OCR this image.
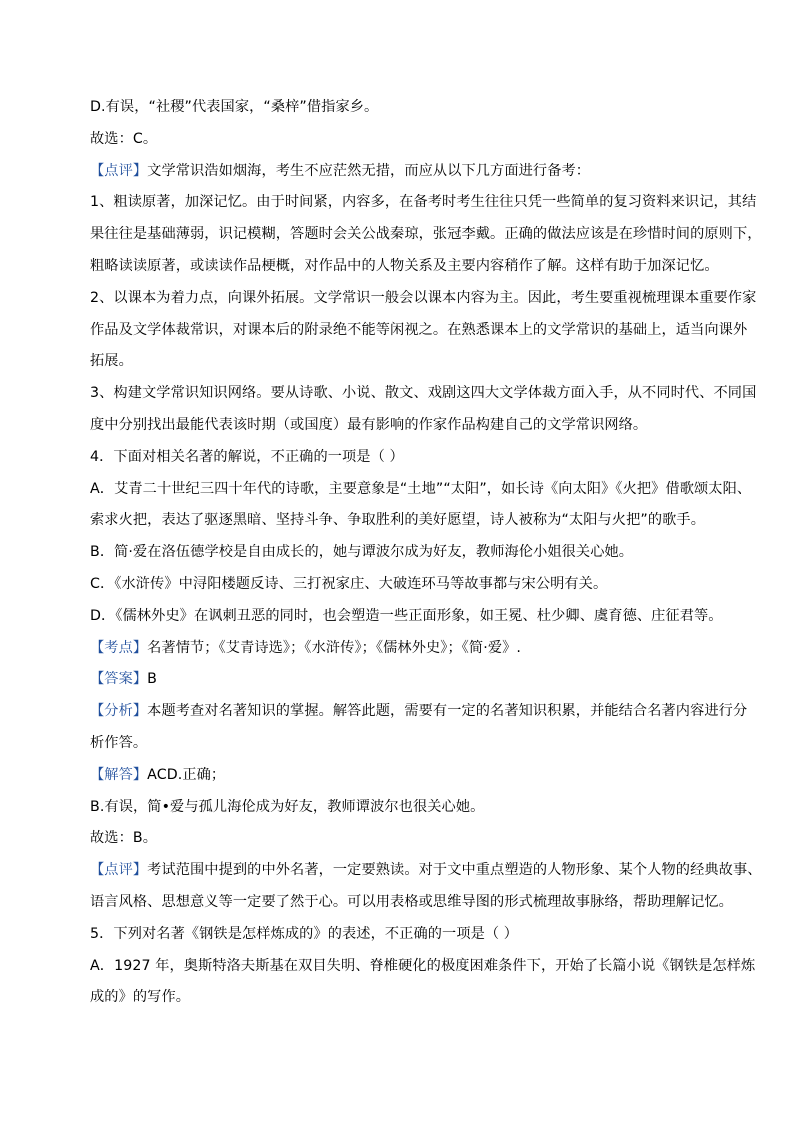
D.有误，“社稷”代表国家，“桑梓”借指家乡。
故选：C。
【点评】文学常识浩如烟海，考生不应茫然无措，而应从以下几方面进行备考：
1、粗读原著，加深记忆。由于时间紧，内容多，在备考时考生往往只凭一些简单的复习资料来识记，其结
果往往是基础薄弱，识记模糊，答题时会关公战秦琼，张冠李戴。正确的做法应该是在珍惜时间的原则下，
粗略读读原著，或读读作品梗概，对作品中的人物关系及主要内容稍作了解。这样有助于加深记忆。
2、以课本为着力点，向课外拓展。文学常识一般会以课本内容为主。因此，考生要重视梳理课本重要作家
作品及文学体裁常识，对课本后的附录绝不能等闲视之。在熟悉课本上的文学常识的基础上，适当向课外
拓展。
3、构建文学常识知识网络。要从诗歌、小说、散文、戏剧这四大文学体裁方面入手，从不同时代、不同国
度中分别找出最能代表该时期（或国度）最有影响的作家作品构建自己的文学常识网络。
4．下面对相关名著的解说，不正确的一项是（ ）
A．艾青二十世纪三四十年代的诗歌，主要意象是“土地”“太阳”，如长诗《向太阳》《火把》借歌颂太阳、
索求火把，表达了驱逐黑暗、坚持斗争、争取胜利的美好愿望，诗人被称为“太阳与火把”的歌手。
B．简·爱在洛伍德学校是自由成长的，她与谭波尔成为好友，教师海伦小姐很关心她。
C．《水浒传》中浔阳楼题反诗、三打祝家庄、大破连环马等故事都与宋公明有关。
D．《儒林外史》在讽刺丑恶的同时，也会塑造一些正面形象，如王冕、杜少卿、虞育德、庄征君等。
【考点】名著情节；《艾青诗选》；《水浒传》；《儒林外史》；《简·爱》.
【答案】B
【分析】本题考查对名著知识的掌握。解答此题，需要有一定的名著知识积累，并能结合名著内容进行分
析作答。
【解答】ACD.正确；
B.有误，简•爱与孤儿海伦成为好友，教师谭波尔也很关心她。
故选：B。
【点评】考试范围中提到的中外名著，一定要熟读。对于文中重点塑造的人物形象、某个人物的经典故事、
语言风格、思想意义等一定要了然于心。可以用表格或思维导图的形式梳理故事脉络，帮助理解记忆。
5．下列对名著《钢铁是怎样炼成的》的表述，不正确的一项是（ ）
A．1927 年，奥斯特洛夫斯基在双目失明、脊椎硬化的极度困难条件下，开始了长篇小说《钢铁是怎样炼
成的》的写作。
